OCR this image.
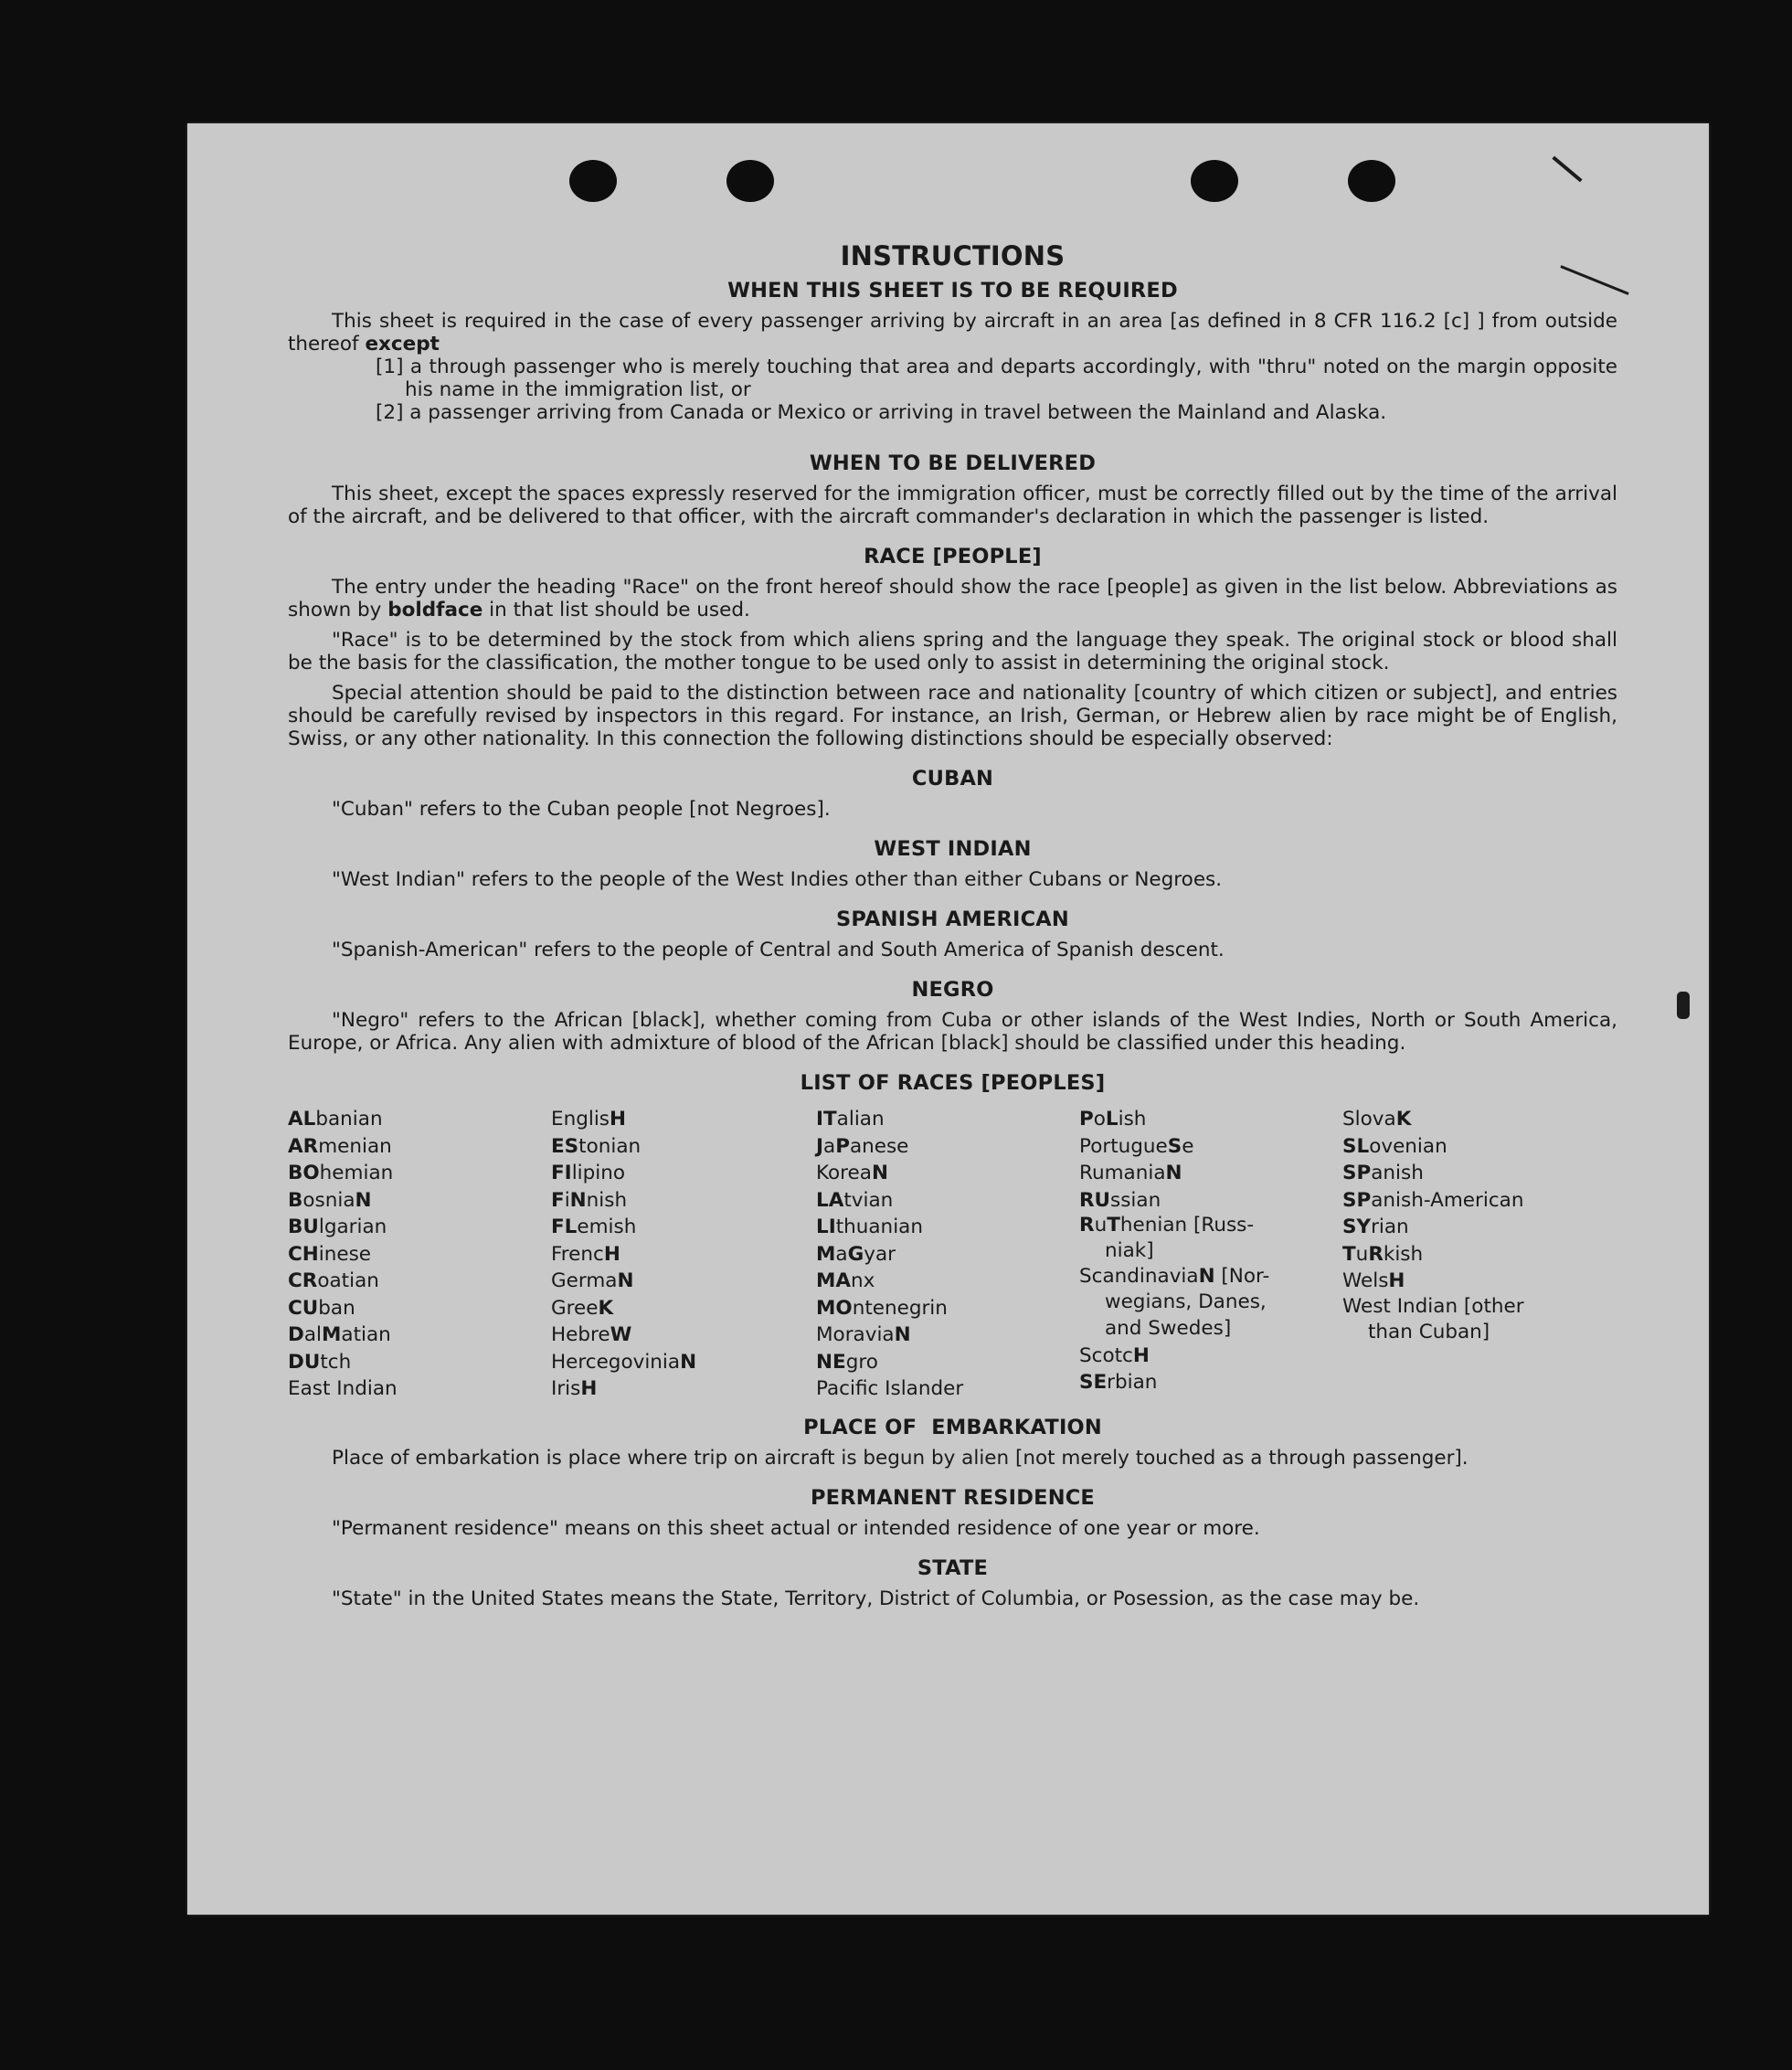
INSTRUCTIONS
WHEN THIS SHEET IS TO BE REQUIRED

This sheet is required in the case of every passenger arriving by aircraft in an area [as defined in 8 CFR 116.2 [c] ] from outside thereof except

[1] a through passenger who is merely touching that area and departs accordingly, with "thru" noted on the margin opposite his name in the immigration list, or
[2] a passenger arriving from Canada or Mexico or arriving in travel between the Mainland and Alaska.
WHEN TO BE DELIVERED

This sheet, except the spaces expressly reserved for the immigration officer, must be correctly filled out by the time of the arrival of the aircraft, and be delivered to that officer, with the aircraft commander's declaration in which the passenger is listed.

RACE [PEOPLE]

The entry under the heading "Race" on the front hereof should show the race [people] as given in the list below. Abbreviations as shown by boldface in that list should be used.

"Race" is to be determined by the stock from which aliens spring and the language they speak. The original stock or blood shall be the basis for the classification, the mother tongue to be used only to assist in determining the original stock.

Special attention should be paid to the distinction between race and nationality [country of which citizen or subject], and entries should be carefully revised by inspectors in this regard. For instance, an Irish, German, or Hebrew alien by race might be of English, Swiss, or any other nationality. In this connection the following distinctions should be especially observed:

CUBAN

"Cuban" refers to the Cuban people [not Negroes].

WEST INDIAN

"West Indian" refers to the people of the West Indies other than either Cubans or Negroes.

SPANISH AMERICAN

"Spanish-American" refers to the people of Central and South America of Spanish descent.

NEGRO

"Negro" refers to the African [black], whether coming from Cuba or other islands of the West Indies, North or South America, Europe, or Africa. Any alien with admixture of blood of the African [black] should be classified under this heading.

LIST OF RACES [PEOPLES]
ALbanian
ARmenian
BOhemian
BosniaN
BUlgarian
CHinese
CRoatian
CUban
DalMatian
DUtch
East Indian
EnglisH
EStonian
FIlipino
FiNnish
FLemish
FrencH
GermaN
GreeK
HebreW
HercegoviniaN
IrisH
ITalian
JaPanese
KoreaN
LAtvian
LIthuanian
MaGyar
MAnx
MOntenegrin
MoraviaN
NEgro
Pacific Islander
PoLish
PortugueSe
RumaniaN
RUssian
RuThenian [Russ-
niak]
ScandinaviaN [Nor-
wegians, Danes,
and Swedes]
ScotcH
SErbian
SlovaK
SLovenian
SPanish
SPanish-American
SYrian
TuRkish
WelsH
West Indian [other
than Cuban]
PLACE OF  EMBARKATION

Place of embarkation is place where trip on aircraft is begun by alien [not merely touched as a through passenger].

PERMANENT RESIDENCE

"Permanent residence" means on this sheet actual or intended residence of one year or more.

STATE

"State" in the United States means the State, Territory, District of Columbia, or Posession, as the case may be.
